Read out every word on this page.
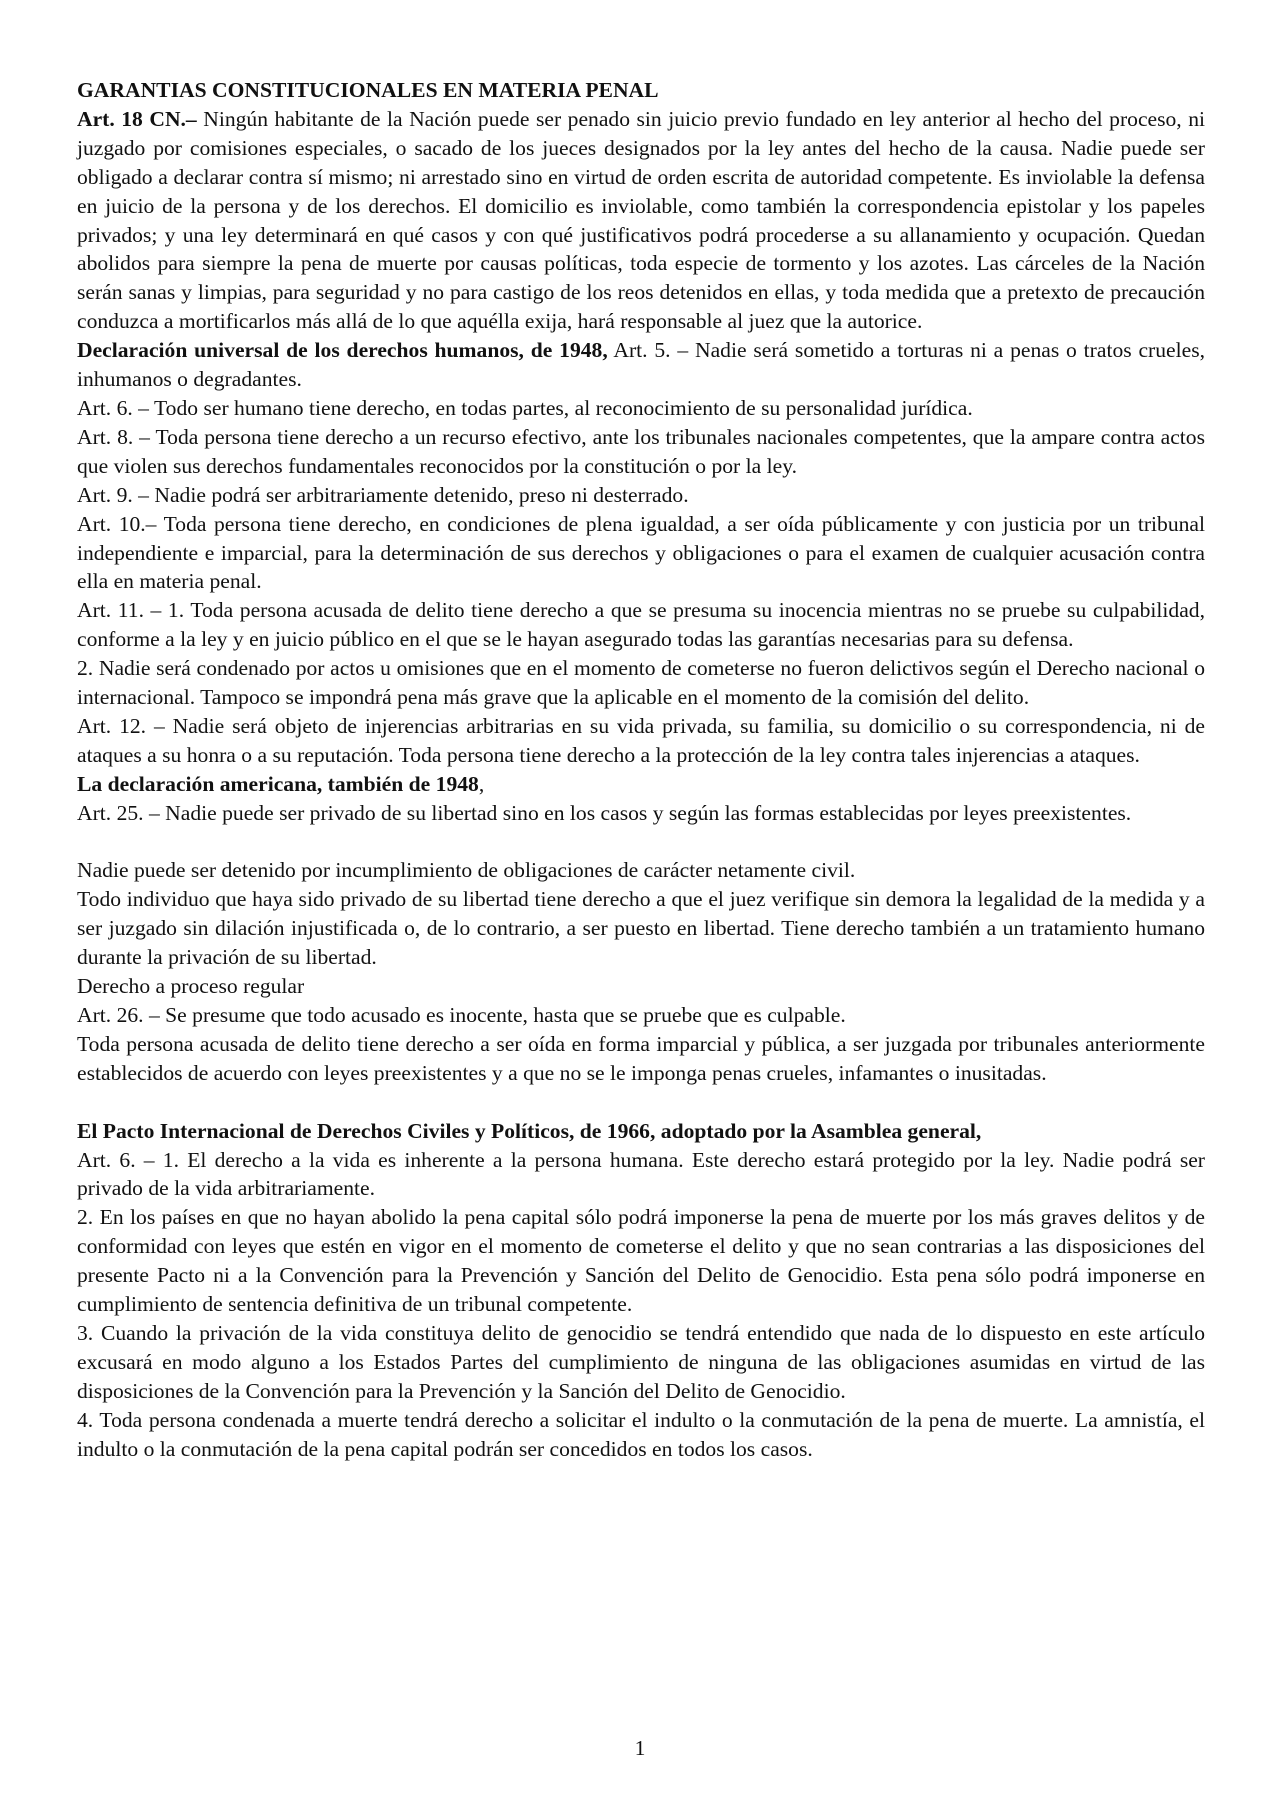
GARANTIAS CONSTITUCIONALES EN MATERIA PENAL

Art. 18 CN.– Ningún habitante de la Nación puede ser penado sin juicio previo fundado en ley anterior al hecho del proceso, ni juzgado por comisiones especiales, o sacado de los jueces designados por la ley antes del hecho de la causa. Nadie puede ser obligado a declarar contra sí mismo; ni arrestado sino en virtud de orden escrita de autoridad competente. Es inviolable la defensa en juicio de la persona y de los derechos. El domicilio es inviolable, como también la correspondencia epistolar y los papeles privados; y una ley determinará en qué casos y con qué justificativos podrá procederse a su allanamiento y ocupación. Quedan abolidos para siempre la pena de muerte por causas políticas, toda especie de tormento y los azotes. Las cárceles de la Nación serán sanas y limpias, para seguridad y no para castigo de los reos detenidos en ellas, y toda medida que a pretexto de precaución conduzca a mortificarlos más allá de lo que aquélla exija, hará responsable al juez que la autorice.

Declaración universal de los derechos humanos, de 1948, Art. 5. – Nadie será sometido a torturas ni a penas o tratos crueles, inhumanos o degradantes.

Art. 6. – Todo ser humano tiene derecho, en todas partes, al reconocimiento de su personalidad jurídica.

Art. 8. – Toda persona tiene derecho a un recurso efectivo, ante los tribunales nacionales competentes, que la ampare contra actos que violen sus derechos fundamentales reconocidos por la constitución o por la ley.

Art. 9. – Nadie podrá ser arbitrariamente detenido, preso ni desterrado.

Art. 10.– Toda persona tiene derecho, en condiciones de plena igualdad, a ser oída públicamente y con justicia por un tribunal independiente e imparcial, para la determinación de sus derechos y obligaciones o para el examen de cualquier acusación contra ella en materia penal.

Art. 11. – 1. Toda persona acusada de delito tiene derecho a que se presuma su inocencia mientras no se pruebe su culpabilidad, conforme a la ley y en juicio público en el que se le hayan asegurado todas las garantías necesarias para su defensa.

2. Nadie será condenado por actos u omisiones que en el momento de cometerse no fueron delictivos según el Derecho nacional o internacional. Tampoco se impondrá pena más grave que la aplicable en el momento de la comisión del delito.

Art. 12. – Nadie será objeto de injerencias arbitrarias en su vida privada, su familia, su domicilio o su correspondencia, ni de ataques a su honra o a su reputación. Toda persona tiene derecho a la protección de la ley contra tales injerencias a ataques.

La declaración americana, también de 1948,

Art. 25. – Nadie puede ser privado de su libertad sino en los casos y según las formas establecidas por leyes preexistentes.

Nadie puede ser detenido por incumplimiento de obligaciones de carácter netamente civil.

Todo individuo que haya sido privado de su libertad tiene derecho a que el juez verifique sin demora la legalidad de la medida y a ser juzgado sin dilación injustificada o, de lo contrario, a ser puesto en libertad. Tiene derecho también a un tratamiento humano durante la privación de su libertad.

Derecho a proceso regular

Art. 26. – Se presume que todo acusado es inocente, hasta que se pruebe que es culpable.

Toda persona acusada de delito tiene derecho a ser oída en forma imparcial y pública, a ser juzgada por tribunales anteriormente establecidos de acuerdo con leyes preexistentes y a que no se le imponga penas crueles, infamantes o inusitadas.

El Pacto Internacional de Derechos Civiles y Políticos, de 1966, adoptado por la Asamblea general,

Art. 6. – 1. El derecho a la vida es inherente a la persona humana. Este derecho estará protegido por la ley. Nadie podrá ser privado de la vida arbitrariamente.

2. En los países en que no hayan abolido la pena capital sólo podrá imponerse la pena de muerte por los más graves delitos y de conformidad con leyes que estén en vigor en el momento de cometerse el delito y que no sean contrarias a las disposiciones del presente Pacto ni a la Convención para la Prevención y Sanción del Delito de Genocidio. Esta pena sólo podrá imponerse en cumplimiento de sentencia definitiva de un tribunal competente.

3. Cuando la privación de la vida constituya delito de genocidio se tendrá entendido que nada de lo dispuesto en este artículo excusará en modo alguno a los Estados Partes del cumplimiento de ninguna de las obligaciones asumidas en virtud de las disposiciones de la Convención para la Prevención y la Sanción del Delito de Genocidio.

4. Toda persona condenada a muerte tendrá derecho a solicitar el indulto o la conmutación de la pena de muerte. La amnistía, el indulto o la conmutación de la pena capital podrán ser concedidos en todos los casos.

1
